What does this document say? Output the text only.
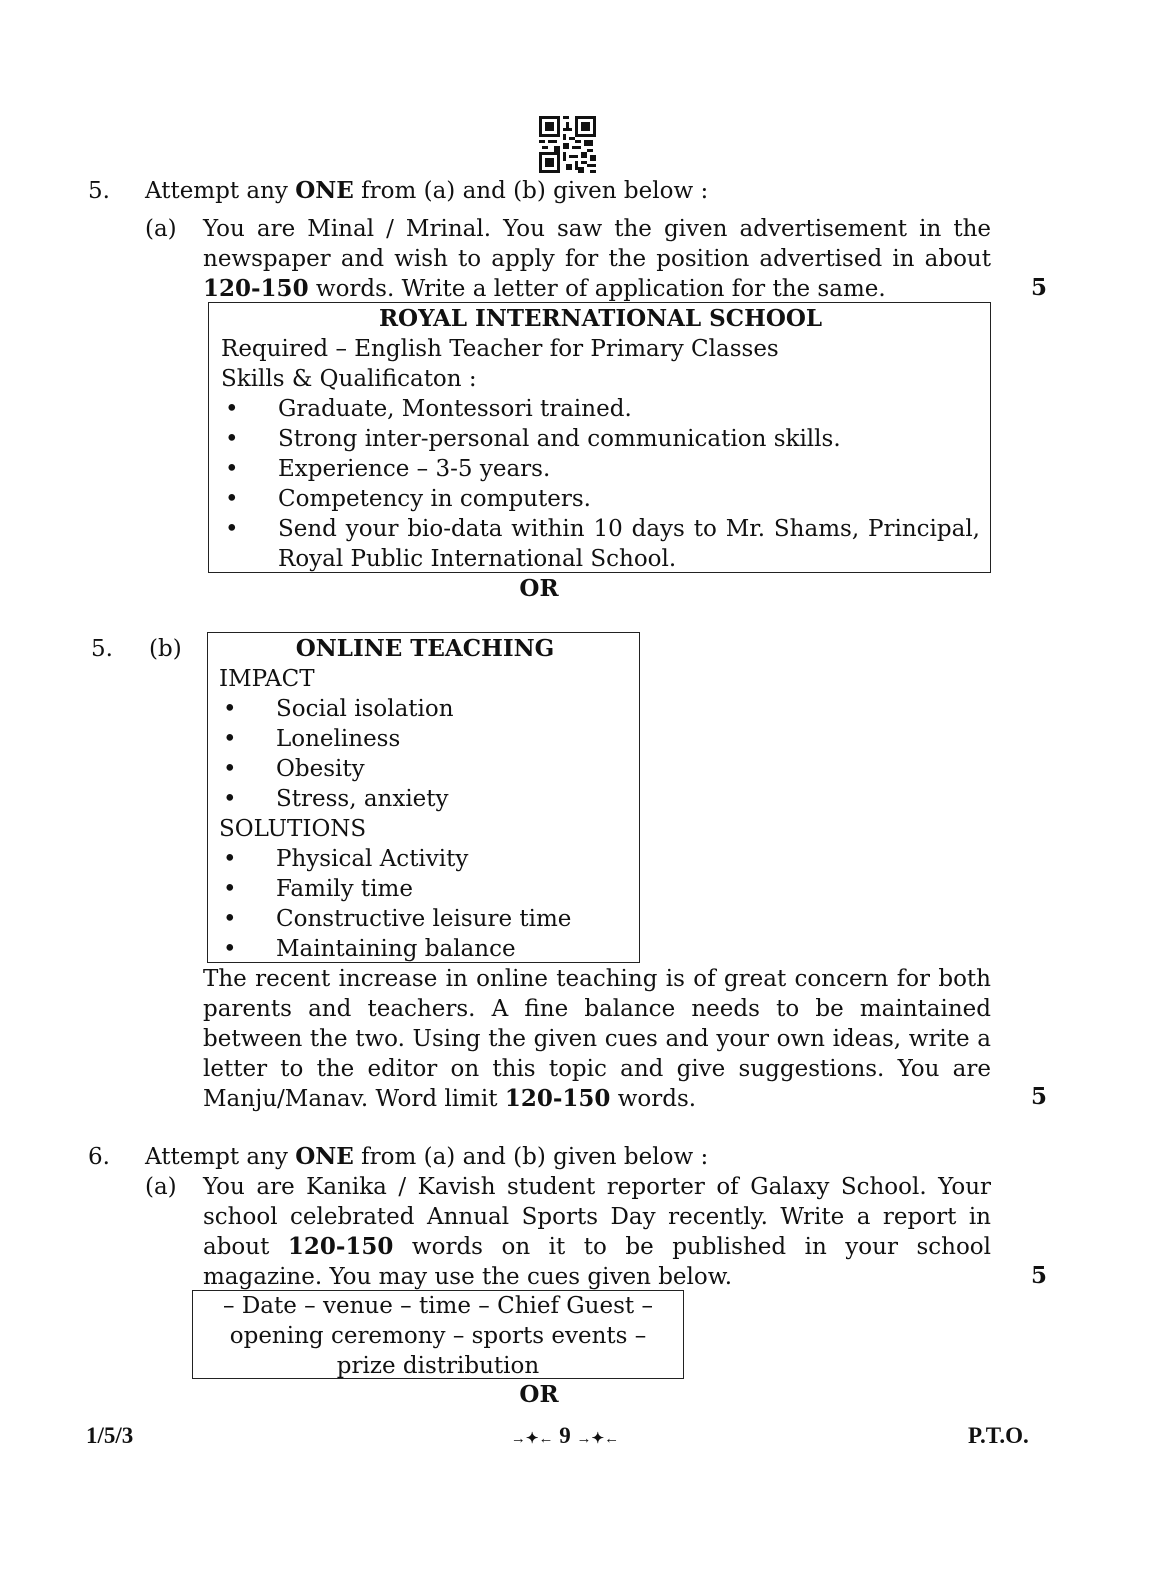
5.	Attempt any ONE from (a) and (b) given below :
(a) You are Minal / Mrinal. You saw the given advertisement in the newspaper and wish to apply for the position advertised in about 120-150 words. Write a letter of application for the same.	5
ROYAL INTERNATIONAL SCHOOL
Required – English Teacher for Primary Classes
Skills & Qualificaton :
• Graduate, Montessori trained.
• Strong inter-personal and communication skills.
• Experience – 3-5 years.
• Competency in computers.
• Send your bio-data within 10 days to Mr. Shams, Principal, Royal Public International School.
OR
5. (b)	ONLINE TEACHING
IMPACT
• Social isolation
• Loneliness
• Obesity
• Stress, anxiety
SOLUTIONS
• Physical Activity
• Family time
• Constructive leisure time
• Maintaining balance
The recent increase in online teaching is of great concern for both parents and teachers. A fine balance needs to be maintained between the two. Using the given cues and your own ideas, write a letter to the editor on this topic and give suggestions. You are Manju/Manav. Word limit 120-150 words.	5
6.	Attempt any ONE from (a) and (b) given below :
(a) You are Kanika / Kavish student reporter of Galaxy School. Your school celebrated Annual Sports Day recently. Write a report in about 120-150 words on it to be published in your school magazine. You may use the cues given below.	5
– Date – venue – time – Chief Guest – opening ceremony – sports events – prize distribution
OR
1/5/3	→✦← 9 →✦←	P.T.O.
